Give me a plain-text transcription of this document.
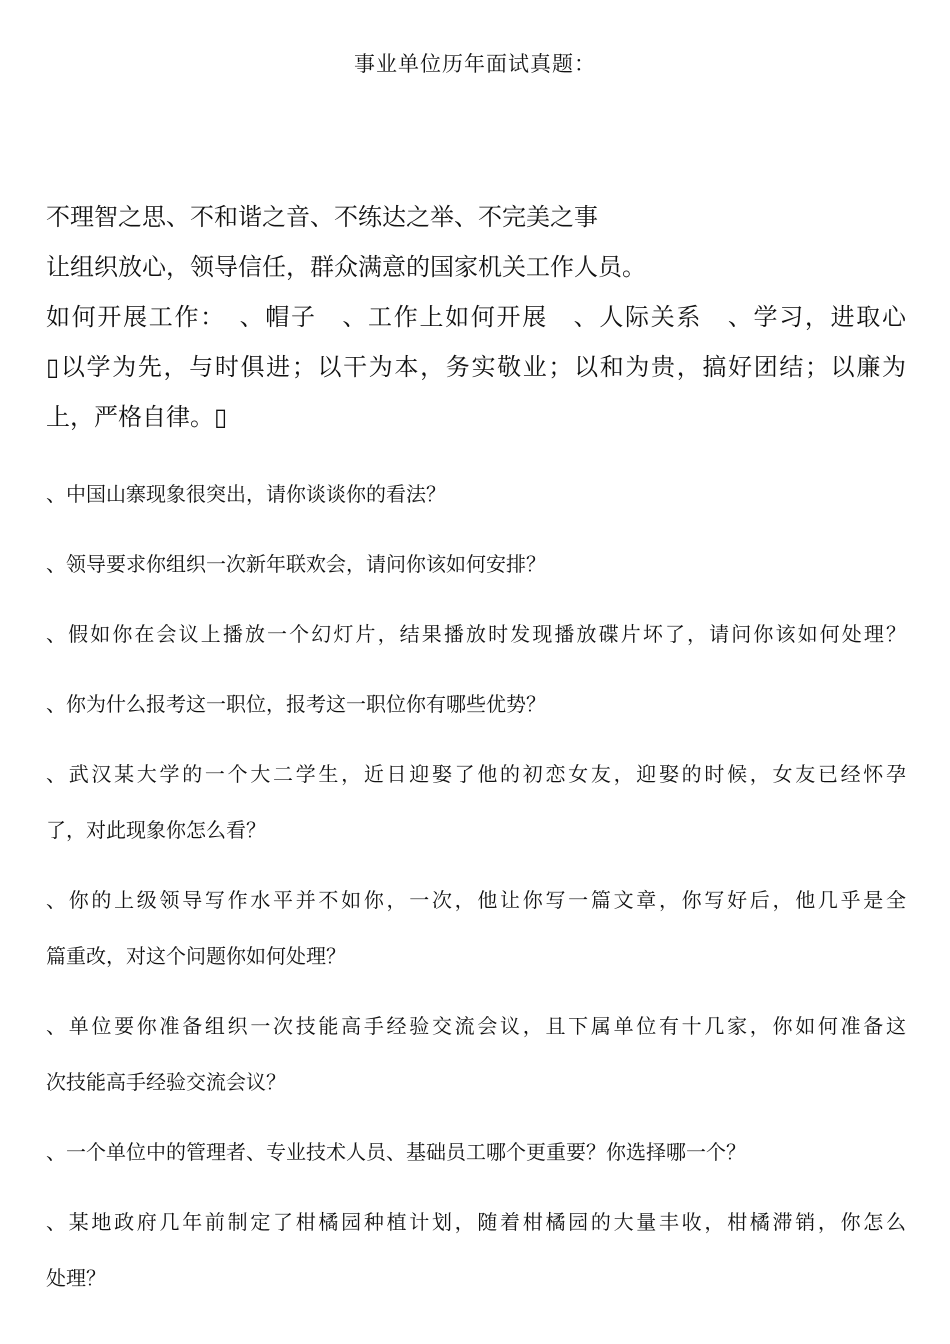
事业单位历年面试真题：

不理智之思、不和谐之音、不练达之举、不完美之事

让组织放心，领导信任，群众满意的国家机关工作人员。

如何开展工作：　、帽子　、工作上如何开展　、人际关系　、学习，进取心

▯以学为先，与时俱进；以干为本，务实敬业；以和为贵，搞好团结；以廉为

上，严格自律。▯

、中国山寨现象很突出，请你谈谈你的看法？
、领导要求你组织一次新年联欢会，请问你该如何安排？
、假如你在会议上播放一个幻灯片，结果播放时发现播放碟片坏了，请问你该如何处理？
、你为什么报考这一职位，报考这一职位你有哪些优势？
、武汉某大学的一个大二学生，近日迎娶了他的初恋女友，迎娶的时候，女友已经怀孕
了，对此现象你怎么看？
、你的上级领导写作水平并不如你，一次，他让你写一篇文章，你写好后，他几乎是全
篇重改，对这个问题你如何处理？
、单位要你准备组织一次技能高手经验交流会议，且下属单位有十几家，你如何准备这
次技能高手经验交流会议？
、一个单位中的管理者、专业技术人员、基础员工哪个更重要？你选择哪一个？
、某地政府几年前制定了柑橘园种植计划，随着柑橘园的大量丰收，柑橘滞销，你怎么
处理？
